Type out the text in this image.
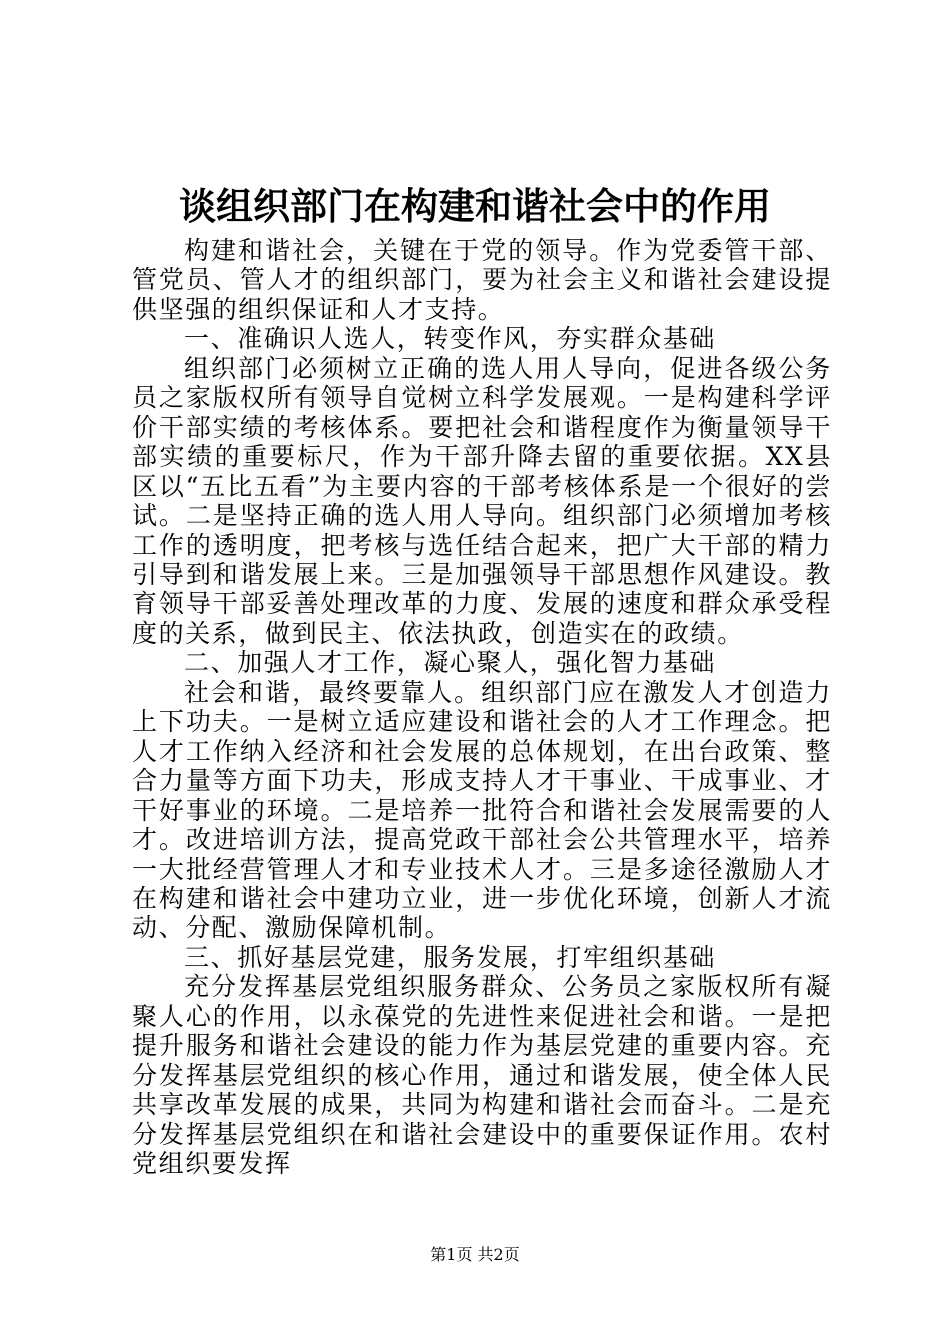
谈组织部门在构建和谐社会中的作用

构建和谐社会，关键在于党的领导。作为党委管干部、管党员、管人才的组织部门，要为社会主义和谐社会建设提供坚强的组织保证和人才支持。

一、准确识人选人，转变作风，夯实群众基础

组织部门必须树立正确的选人用人导向，促进各级公务员之家版权所有领导自觉树立科学发展观。一是构建科学评价干部实绩的考核体系。要把社会和谐程度作为衡量领导干部实绩的重要标尺，作为干部升降去留的重要依据。XX县区以“五比五看”为主要内容的干部考核体系是一个很好的尝试。二是坚持正确的选人用人导向。组织部门必须增加考核工作的透明度，把考核与选任结合起来，把广大干部的精力引导到和谐发展上来。三是加强领导干部思想作风建设。教育领导干部妥善处理改革的力度、发展的速度和群众承受程度的关系，做到民主、依法执政，创造实在的政绩。

二、加强人才工作，凝心聚人，强化智力基础

社会和谐，最终要靠人。组织部门应在激发人才创造力上下功夫。一是树立适应建设和谐社会的人才工作理念。把人才工作纳入经济和社会发展的总体规划，在出台政策、整合力量等方面下功夫，形成支持人才干事业、干成事业、才干好事业的环境。二是培养一批符合和谐社会发展需要的人才。改进培训方法，提高党政干部社会公共管理水平，培养一大批经营管理人才和专业技术人才。三是多途径激励人才在构建和谐社会中建功立业，进一步优化环境，创新人才流动、分配、激励保障机制。

三、抓好基层党建，服务发展，打牢组织基础

充分发挥基层党组织服务群众、公务员之家版权所有凝聚人心的作用，以永葆党的先进性来促进社会和谐。一是把提升服务和谐社会建设的能力作为基层党建的重要内容。充分发挥基层党组织的核心作用，通过和谐发展，使全体人民共享改革发展的成果，共同为构建和谐社会而奋斗。二是充分发挥基层党组织在和谐社会建设中的重要保证作用。农村党组织要发挥

第1页 共2页
